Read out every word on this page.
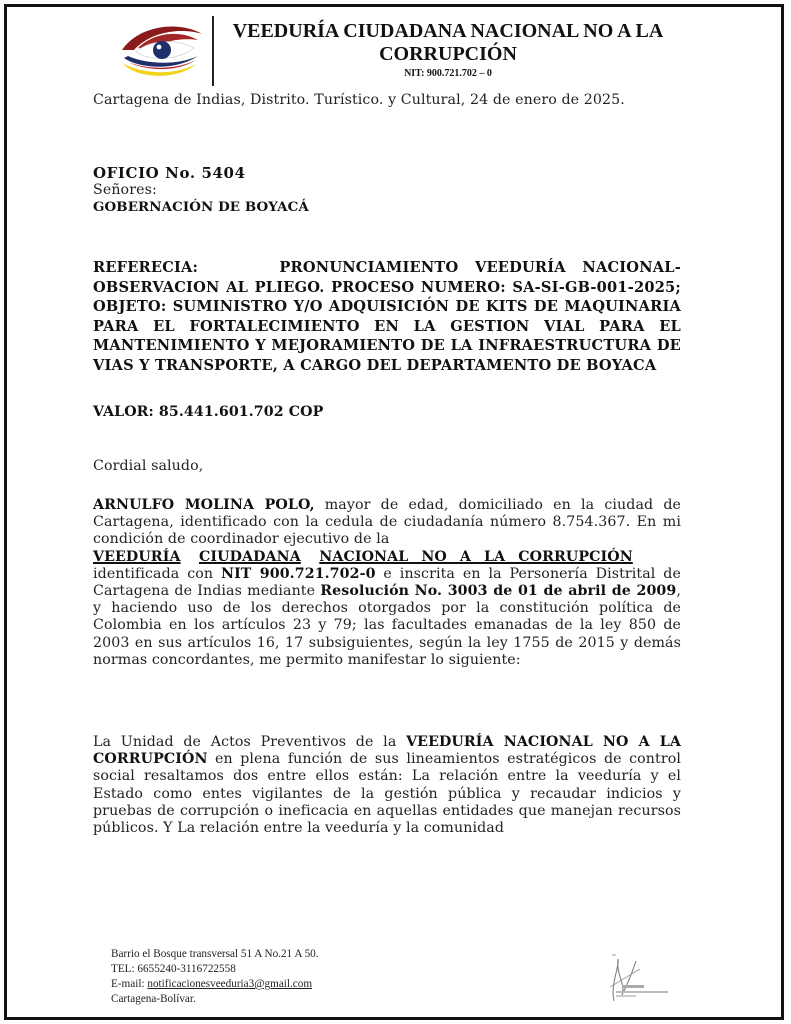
VEEDURÍA CIUDADANA NACIONAL NO A LA CORRUPCIÓN
NIT: 900.721.702 – 0
Cartagena de Indias, Distrito. Turístico. y Cultural, 24 de enero de 2025.
OFICIO No. 5404
Señores:
GOBERNACIÓN DE BOYACÁ
REFERECIA:	PRONUNCIAMIENTO VEEDURÍA NACIONAL-OBSERVACION AL PLIEGO. PROCESO NUMERO: SA-SI-GB-001-2025; OBJETO: SUMINISTRO Y/O ADQUISICIÓN DE KITS DE MAQUINARIA PARA EL FORTALECIMIENTO EN LA GESTION VIAL PARA EL MANTENIMIENTO Y MEJORAMIENTO DE LA INFRAESTRUCTURA DE VIAS Y TRANSPORTE, A CARGO DEL DEPARTAMENTO DE BOYACA
VALOR: 85.441.601.702 COP
Cordial saludo,
ARNULFO MOLINA POLO, mayor de edad, domiciliado en la ciudad de Cartagena, identificado con la cedula de ciudadanía número 8.754.367. En mi condición de coordinador ejecutivo de la
VEEDURÍA CIUDADANA NACIONAL NO A LA CORRUPCIÓN
identificada con NIT 900.721.702-0 e inscrita en la Personería Distrital de Cartagena de Indias mediante Resolución No. 3003 de 01 de abril de 2009, y haciendo uso de los derechos otorgados por la constitución política de Colombia en los artículos 23 y 79; las facultades emanadas de la ley 850 de 2003 en sus artículos 16, 17 subsiguientes, según la ley 1755 de 2015 y demás normas concordantes, me permito manifestar lo siguiente:
La Unidad de Actos Preventivos de la VEEDURÍA NACIONAL NO A LA CORRUPCIÓN en plena función de sus lineamientos estratégicos de control social resaltamos dos entre ellos están: La relación entre la veeduría y el Estado como entes vigilantes de la gestión pública y recaudar indicios y pruebas de corrupción o ineficacia en aquellas entidades que manejan recursos públicos. Y La relación entre la veeduría y la comunidad
Barrio el Bosque transversal 51 A No.21 A 50.
TEL: 6655240-3116722558
E-mail: notificacionesveeduria3@gmail.com
Cartagena-Bolívar.
